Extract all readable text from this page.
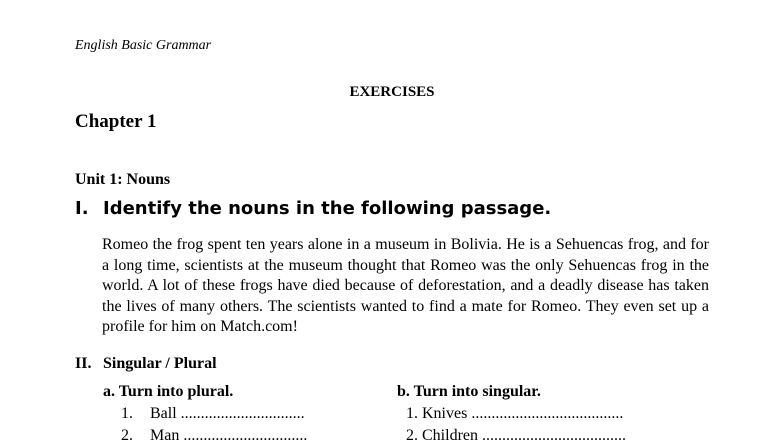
English Basic Grammar
EXERCISES
Chapter 1
Unit 1: Nouns
I. Identify the nouns in the following passage.
Romeo the frog spent ten years alone in a museum in Bolivia. He is a Sehuencas frog, and for a long time, scientists at the museum thought that Romeo was the only Sehuencas frog in the world. A lot of these frogs have died because of deforestation, and a deadly disease has taken the lives of many others. The scientists wanted to find a mate for Romeo. They even set up a profile for him on Match.com!
II. Singular / Plural
a. Turn into plural.
1. Ball ...............................
2. Man ...............................
b. Turn into singular.
1. Knives ......................................
2. Children ....................................
